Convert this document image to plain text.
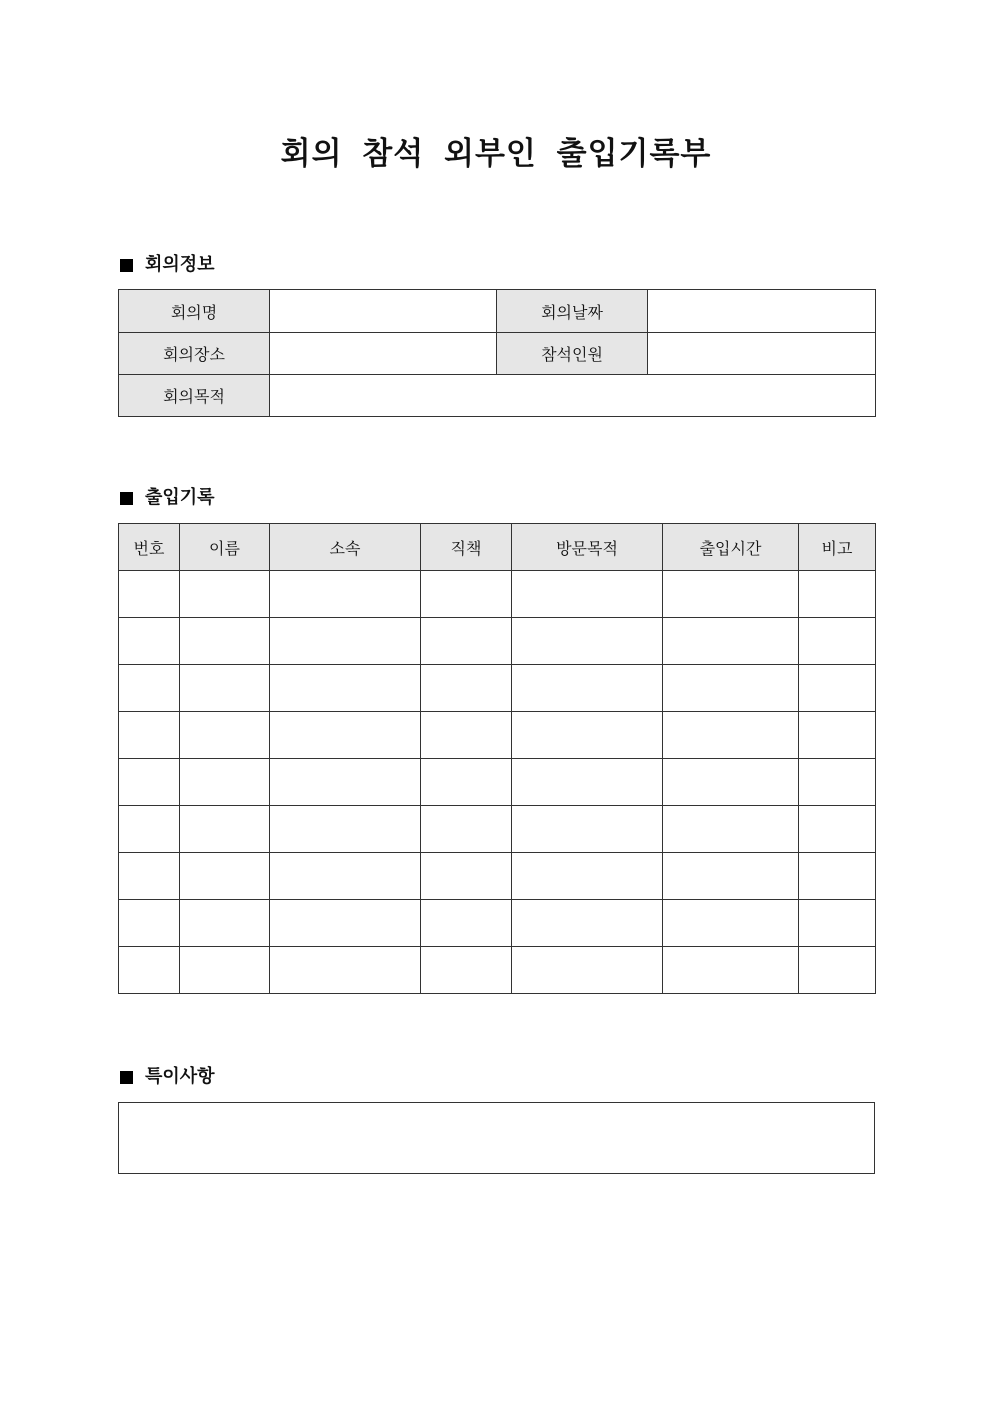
회의 참석 외부인 출입기록부
회의정보
회의명		회의날짜	
회의장소		참석인원	
회의목적			
출입기록
번호	이름	소속	직책	방문목적	출입시간	비고

특이사항
